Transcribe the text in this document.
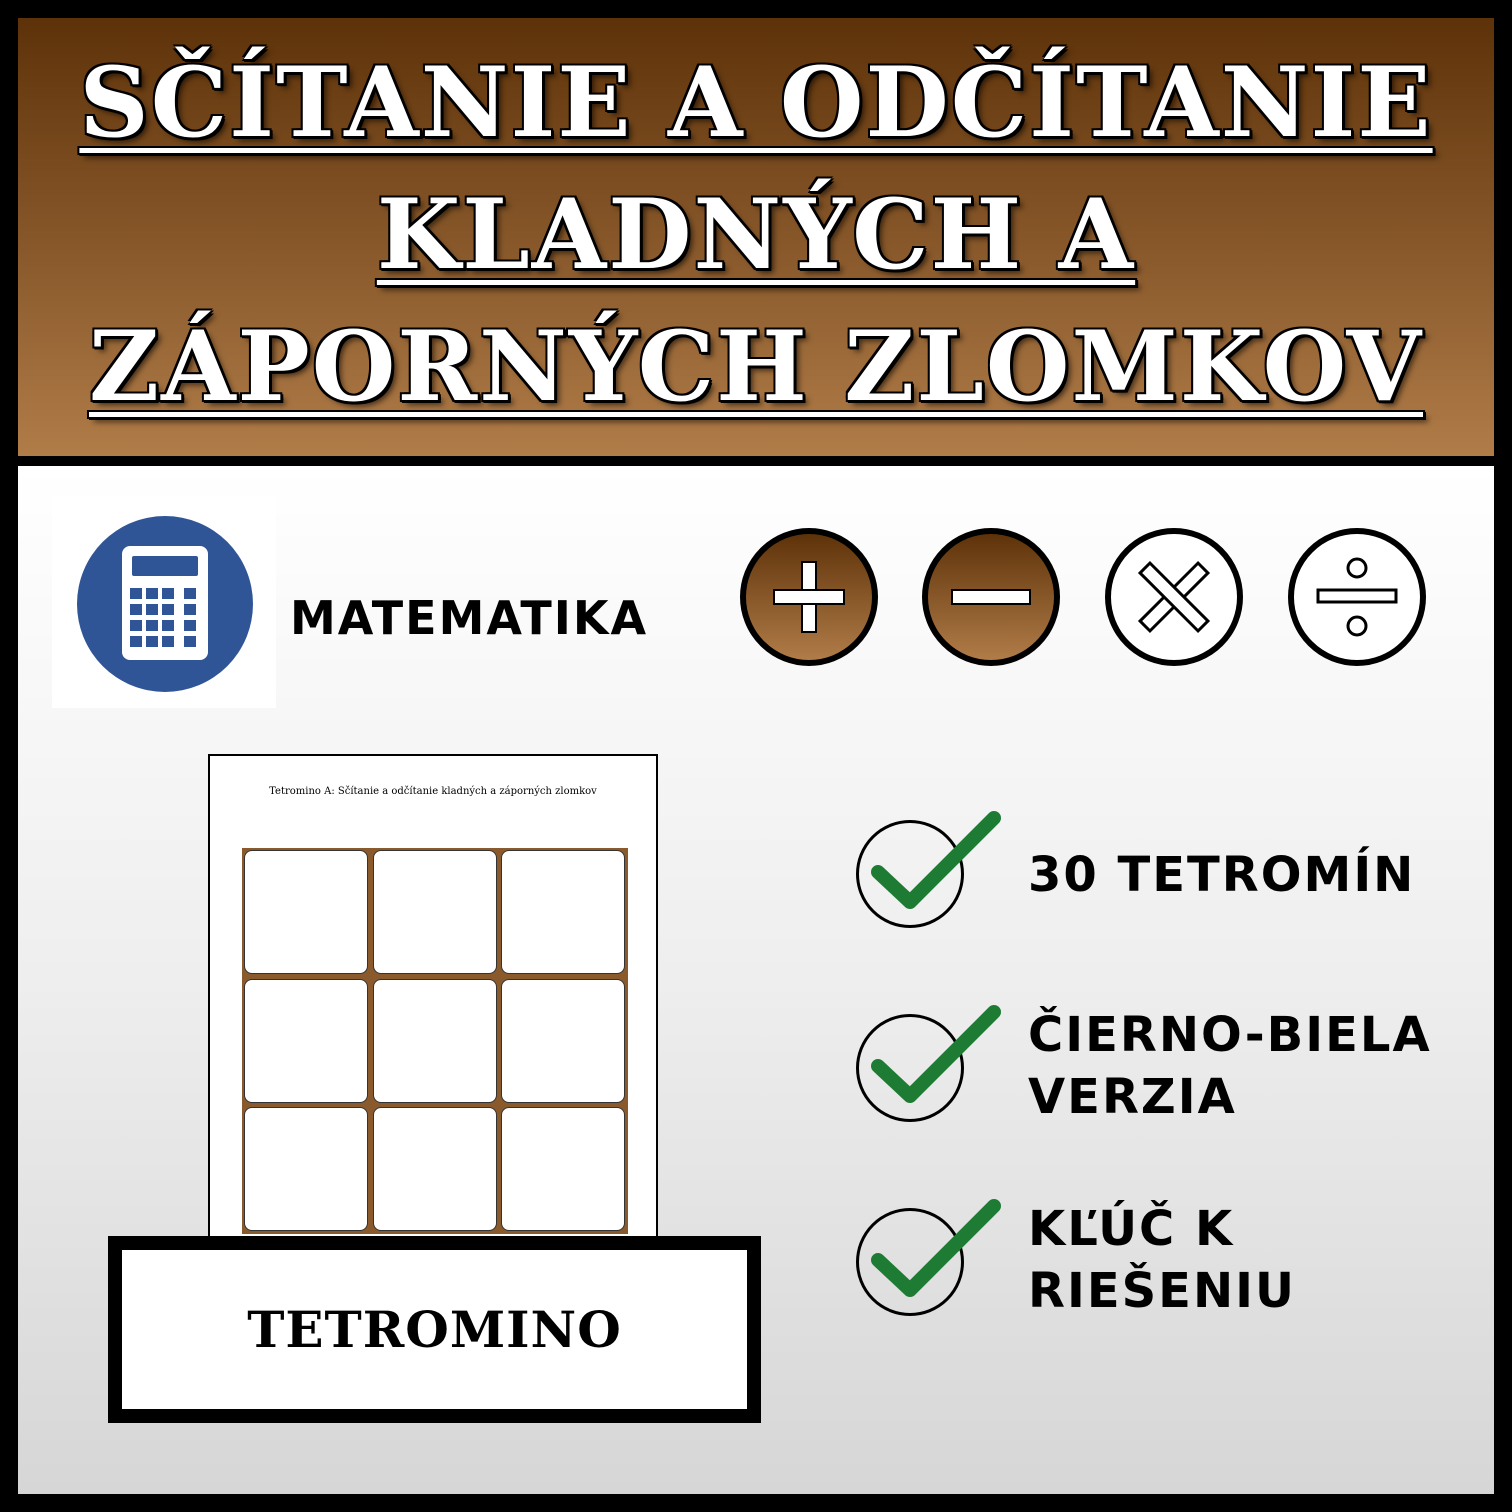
SČÍTANIE A ODČÍTANIE
KLADNÝCH A
ZÁPORNÝCH ZLOMKOV
MATEMATIKA
Tetromino A: Sčítanie a odčítanie kladných a záporných zlomkov
TETROMINO
30 TETROMÍN
ČIERNO-BIELA
VERZIA
KĽÚČ K
RIEŠENIU
